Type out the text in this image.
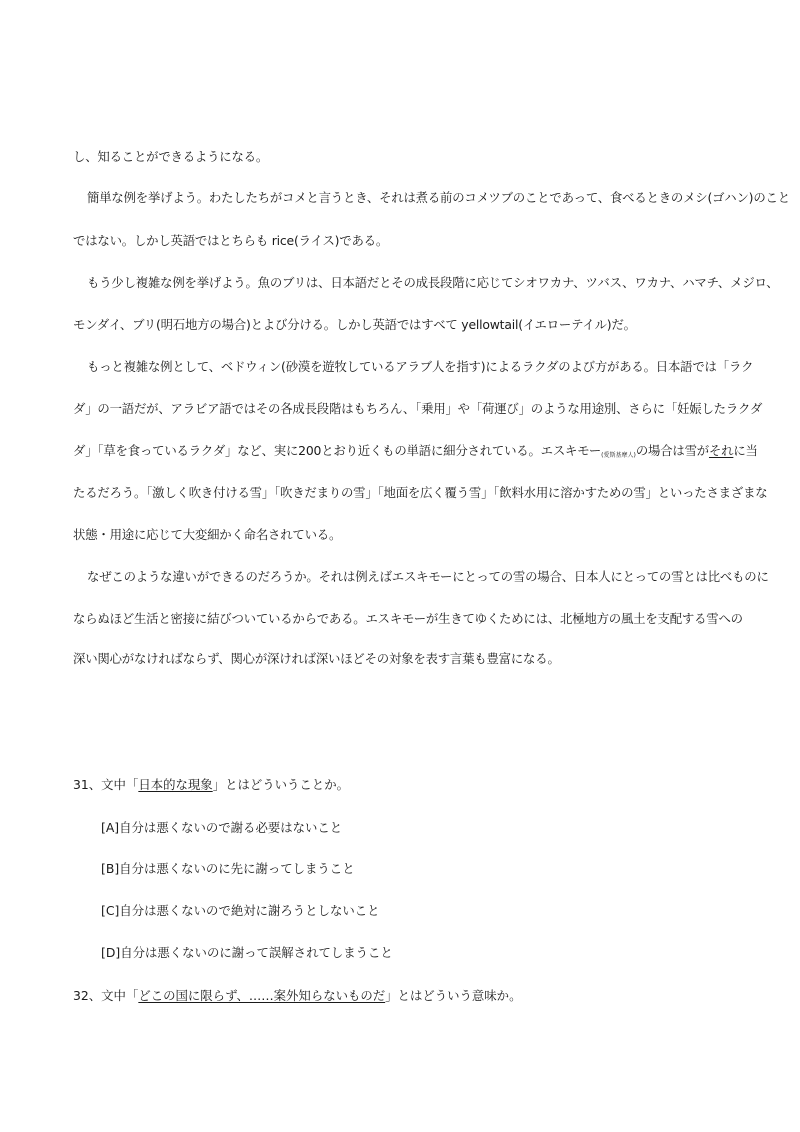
し、知ることができるようになる。
簡単な例を挙げよう。わたしたちがコメと言うとき、それは煮る前のコメツブのことであって、食べるときのメシ(ゴハン)のこと
ではない。しかし英語ではとちらも rice(ライス)である。
もう少し複雑な例を挙げよう。魚のブリは、日本語だとその成長段階に応じてシオワカナ、ツバス、ワカナ、ハマチ、メジロ、
モンダイ、ブリ(明石地方の場合)とよび分ける。しかし英語ではすべて yellowtail(イエローテイル)だ。
もっと複雑な例として、ベドウィン(砂漠を遊牧しているアラブ人を指す)によるラクダのよび方がある。日本語では「ラク
ダ」の一語だが、アラビア語ではその各成長段階はもちろん、「乗用」や「荷運び」のような用途別、さらに「妊娠したラクダ
ダ」「草を食っているラクダ」など、実に200とおり近くもの単語に細分されている。エスキモー(愛斯基摩人)の場合は雪がそれに当
たるだろう。「激しく吹き付ける雪」「吹きだまりの雪」「地面を広く覆う雪」「飲料水用に溶かすための雪」といったさまざまな
状態・用途に応じて大変細かく命名されている。
なぜこのような違いができるのだろうか。それは例えばエスキモーにとっての雪の場合、日本人にとっての雪とは比べものに
ならぬほど生活と密接に結びついているからである。エスキモーが生きてゆくためには、北極地方の風土を支配する雪への
深い関心がなければならず、関心が深ければ深いほどその対象を表す言葉も豊富になる。
31、文中「日本的な現象」とはどういうことか。
[A]自分は悪くないので謝る必要はないこと
[B]自分は悪くないのに先に謝ってしまうこと
[C]自分は悪くないので絶対に謝ろうとしないこと
[D]自分は悪くないのに謝って誤解されてしまうこと
32、文中「どこの国に限らず、……案外知らないものだ」とはどういう意味か。
